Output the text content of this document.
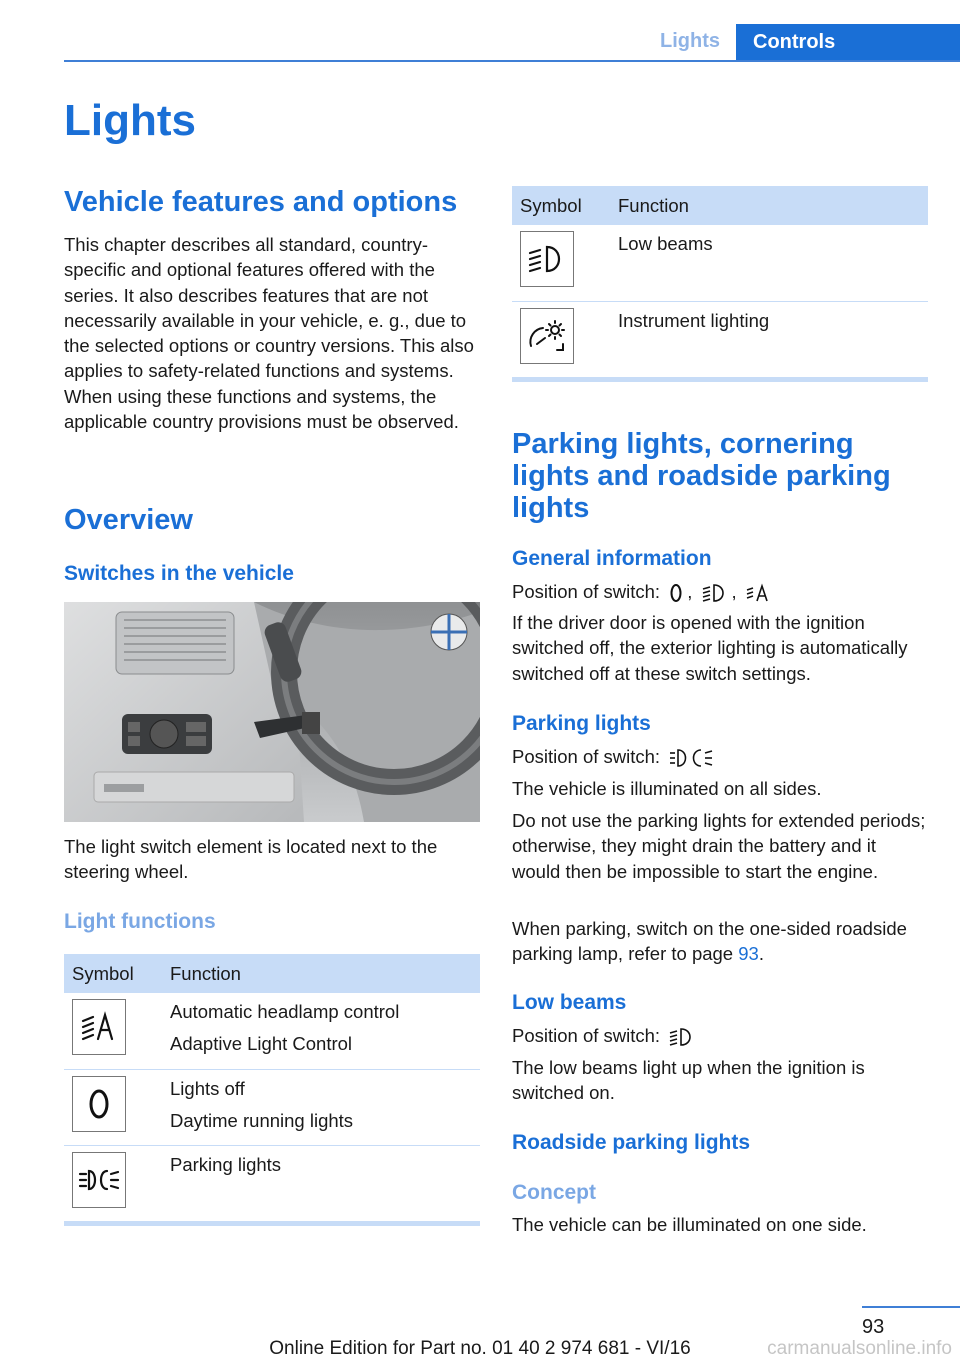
Lights	Controls
Lights
Vehicle features and options
This chapter describes all standard, country-specific and optional features offered with the series. It also describes features that are not necessarily available in your vehicle, e. g., due to the selected options or country versions. This also applies to safety-related functions and systems. When using these functions and systems, the applicable country provisions must be observed.
Overview
Switches in the vehicle
The light switch element is located next to the steering wheel.
Light functions
Symbol	Function

Automatic headlamp control
Adaptive Light Control

Lights off
Daytime running lights

Parking lights
Symbol	Function

Low beams

Instrument lighting
Parking lights, cornering lights and roadside parking lights
General information
Position of switch: , ,
If the driver door is opened with the ignition switched off, the exterior lighting is automatically switched off at these switch settings.
Parking lights
Position of switch:
The vehicle is illuminated on all sides.
Do not use the parking lights for extended periods; otherwise, they might drain the battery and it would then be impossible to start the engine.
When parking, switch on the one-sided roadside parking lamp, refer to page 93.
Low beams
Position of switch:
The low beams light up when the ignition is switched on.
Roadside parking lights
Concept
The vehicle can be illuminated on one side.
93
Online Edition for Part no. 01 40 2 974 681 - VI/16	carmanualsonline.info
